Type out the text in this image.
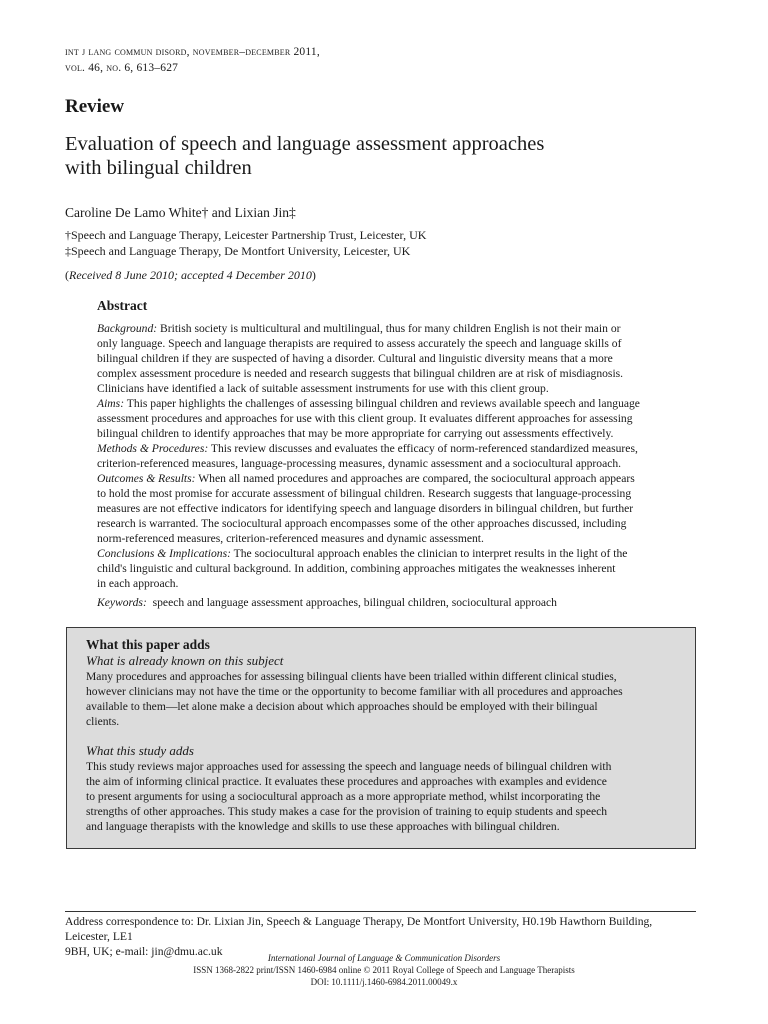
int j lang commun disord, november–december 2011,
vol. 46, no. 6, 613–627
Review
Evaluation of speech and language assessment approaches
with bilingual children
Caroline De Lamo White† and Lixian Jin‡
†Speech and Language Therapy, Leicester Partnership Trust, Leicester, UK
‡Speech and Language Therapy, De Montfort University, Leicester, UK
(Received 8 June 2010; accepted 4 December 2010)
Abstract
Background: British society is multicultural and multilingual, thus for many children English is not their main or
only language. Speech and language therapists are required to assess accurately the speech and language skills of
bilingual children if they are suspected of having a disorder. Cultural and linguistic diversity means that a more
complex assessment procedure is needed and research suggests that bilingual children are at risk of misdiagnosis.
Clinicians have identified a lack of suitable assessment instruments for use with this client group.
Aims: This paper highlights the challenges of assessing bilingual children and reviews available speech and language
assessment procedures and approaches for use with this client group. It evaluates different approaches for assessing
bilingual children to identify approaches that may be more appropriate for carrying out assessments effectively.
Methods & Procedures: This review discusses and evaluates the efficacy of norm-referenced standardized measures,
criterion-referenced measures, language-processing measures, dynamic assessment and a sociocultural approach.
Outcomes & Results: When all named procedures and approaches are compared, the sociocultural approach appears
to hold the most promise for accurate assessment of bilingual children. Research suggests that language-processing
measures are not effective indicators for identifying speech and language disorders in bilingual children, but further
research is warranted. The sociocultural approach encompasses some of the other approaches discussed, including
norm-referenced measures, criterion-referenced measures and dynamic assessment.
Conclusions & Implications: The sociocultural approach enables the clinician to interpret results in the light of the
child's linguistic and cultural background. In addition, combining approaches mitigates the weaknesses inherent
in each approach.
Keywords: speech and language assessment approaches, bilingual children, sociocultural approach
What this paper adds
What is already known on this subject
Many procedures and approaches for assessing bilingual clients have been trialled within different clinical studies,
however clinicians may not have the time or the opportunity to become familiar with all procedures and approaches
available to them—let alone make a decision about which approaches should be employed with their bilingual
clients.
What this study adds
This study reviews major approaches used for assessing the speech and language needs of bilingual children with
the aim of informing clinical practice. It evaluates these procedures and approaches with examples and evidence
to present arguments for using a sociocultural approach as a more appropriate method, whilst incorporating the
strengths of other approaches. This study makes a case for the provision of training to equip students and speech
and language therapists with the knowledge and skills to use these approaches with bilingual children.
Address correspondence to: Dr. Lixian Jin, Speech & Language Therapy, De Montfort University, H0.19b Hawthorn Building, Leicester, LE1
9BH, UK; e-mail: jin@dmu.ac.uk	International Journal of Language & Communication Disorders
ISSN 1368-2822 print/ISSN 1460-6984 online © 2011 Royal College of Speech and Language Therapists
DOI: 10.1111/j.1460-6984.2011.00049.x
